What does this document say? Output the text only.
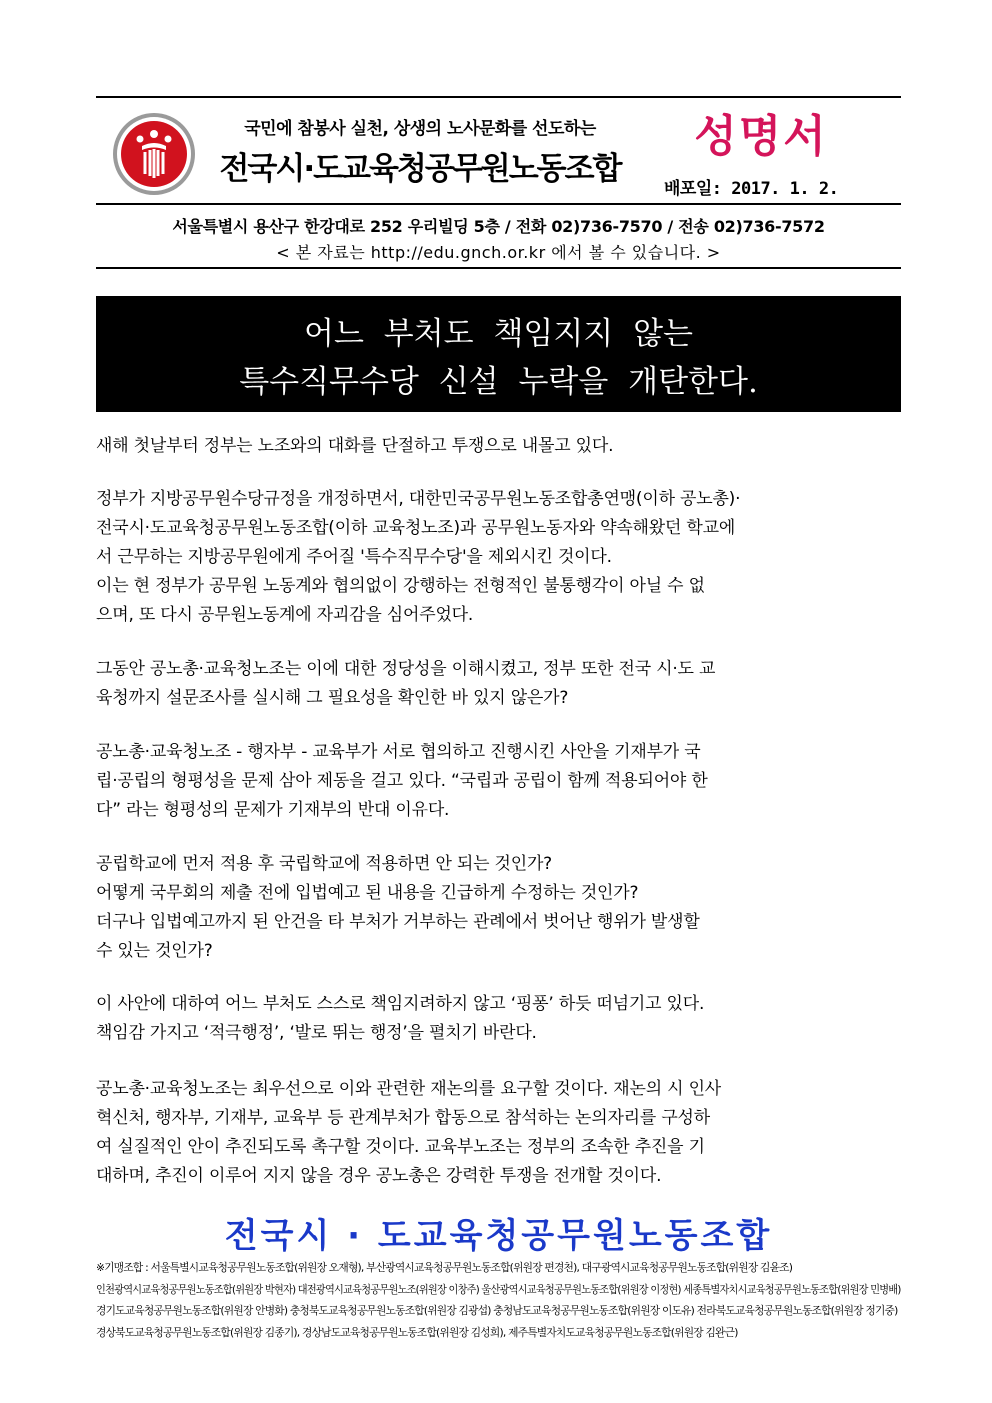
국민에 참봉사 실천, 상생의 노사문화를 선도하는
전국시·도교육청공무원노동조합
성명서
배포일: 2017. 1. 2.
서울특별시 용산구 한강대로 252 우리빌딩 5층 / 전화 02)736-7570 / 전송 02)736-7572
< 본 자료는 http://edu.gnch.or.kr 에서 볼 수 있습니다. >
어느 부처도 책임지지 않는
특수직무수당 신설 누락을 개탄한다.
새해 첫날부터 정부는 노조와의 대화를 단절하고 투쟁으로 내몰고 있다.
정부가 지방공무원수당규정을 개정하면서, 대한민국공무원노동조합총연맹(이하 공노총)·
전국시·도교육청공무원노동조합(이하 교육청노조)과 공무원노동자와 약속해왔던 학교에
서 근무하는 지방공무원에게 주어질 '특수직무수당'을 제외시킨 것이다.
이는 현 정부가 공무원 노동계와 협의없이 강행하는 전형적인 불통행각이 아닐 수 없
으며, 또 다시 공무원노동계에 자괴감을 심어주었다.
그동안 공노총·교육청노조는 이에 대한 정당성을 이해시켰고, 정부 또한 전국 시·도 교
육청까지 설문조사를 실시해 그 필요성을 확인한 바 있지 않은가?
공노총·교육청노조 - 행자부 - 교육부가 서로 협의하고 진행시킨 사안을 기재부가 국
립·공립의 형평성을 문제 삼아 제동을 걸고 있다. “국립과 공립이 함께 적용되어야 한
다” 라는 형평성의 문제가 기재부의 반대 이유다.
공립학교에 먼저 적용 후 국립학교에 적용하면 안 되는 것인가?
어떻게 국무회의 제출 전에 입법예고 된 내용을 긴급하게 수정하는 것인가?
더구나 입법예고까지 된 안건을 타 부처가 거부하는 관례에서 벗어난 행위가 발생할
수 있는 것인가?
이 사안에 대하여 어느 부처도 스스로 책임지려하지 않고 ‘핑퐁’ 하듯 떠넘기고 있다.
책임감 가지고 ‘적극행정’, ‘발로 뛰는 행정’을 펼치기 바란다.
공노총·교육청노조는 최우선으로 이와 관련한 재논의를 요구할 것이다. 재논의 시 인사
혁신처, 행자부, 기재부, 교육부 등 관계부처가 합동으로 참석하는 논의자리를 구성하
여 실질적인 안이 추진되도록 촉구할 것이다. 교육부노조는 정부의 조속한 추진을 기
대하며, 추진이 이루어 지지 않을 경우 공노총은 강력한 투쟁을 전개할 것이다.
전국시 · 도교육청공무원노동조합
※기맹조합 : 서울특별시교육청공무원노동조합(위원장 오재형), 부산광역시교육청공무원노동조합(위원장 편경천), 대구광역시교육청공무원노동조합(위원장 김윤조)
인천광역시교육청공무원노동조합(위원장 박현자) 대전광역시교육청공무원노조(위원장 이창주) 울산광역시교육청공무원노동조합(위원장 이정현) 세종특별자치시교육청공무원노동조합(위원장 민병배)
경기도교육청공무원노동조합(위원장 안병화) 충청북도교육청공무원노동조합(위원장 김광섭) 충청남도교육청공무원노동조합(위원장 이도유) 전라북도교육청공무원노동조합(위원장 정기중)
경상북도교육청공무원노동조합(위원장 김종기), 경상남도교육청공무원노동조합(위원장 김성희), 제주특별자치도교육청공무원노동조합(위원장 김완근)
